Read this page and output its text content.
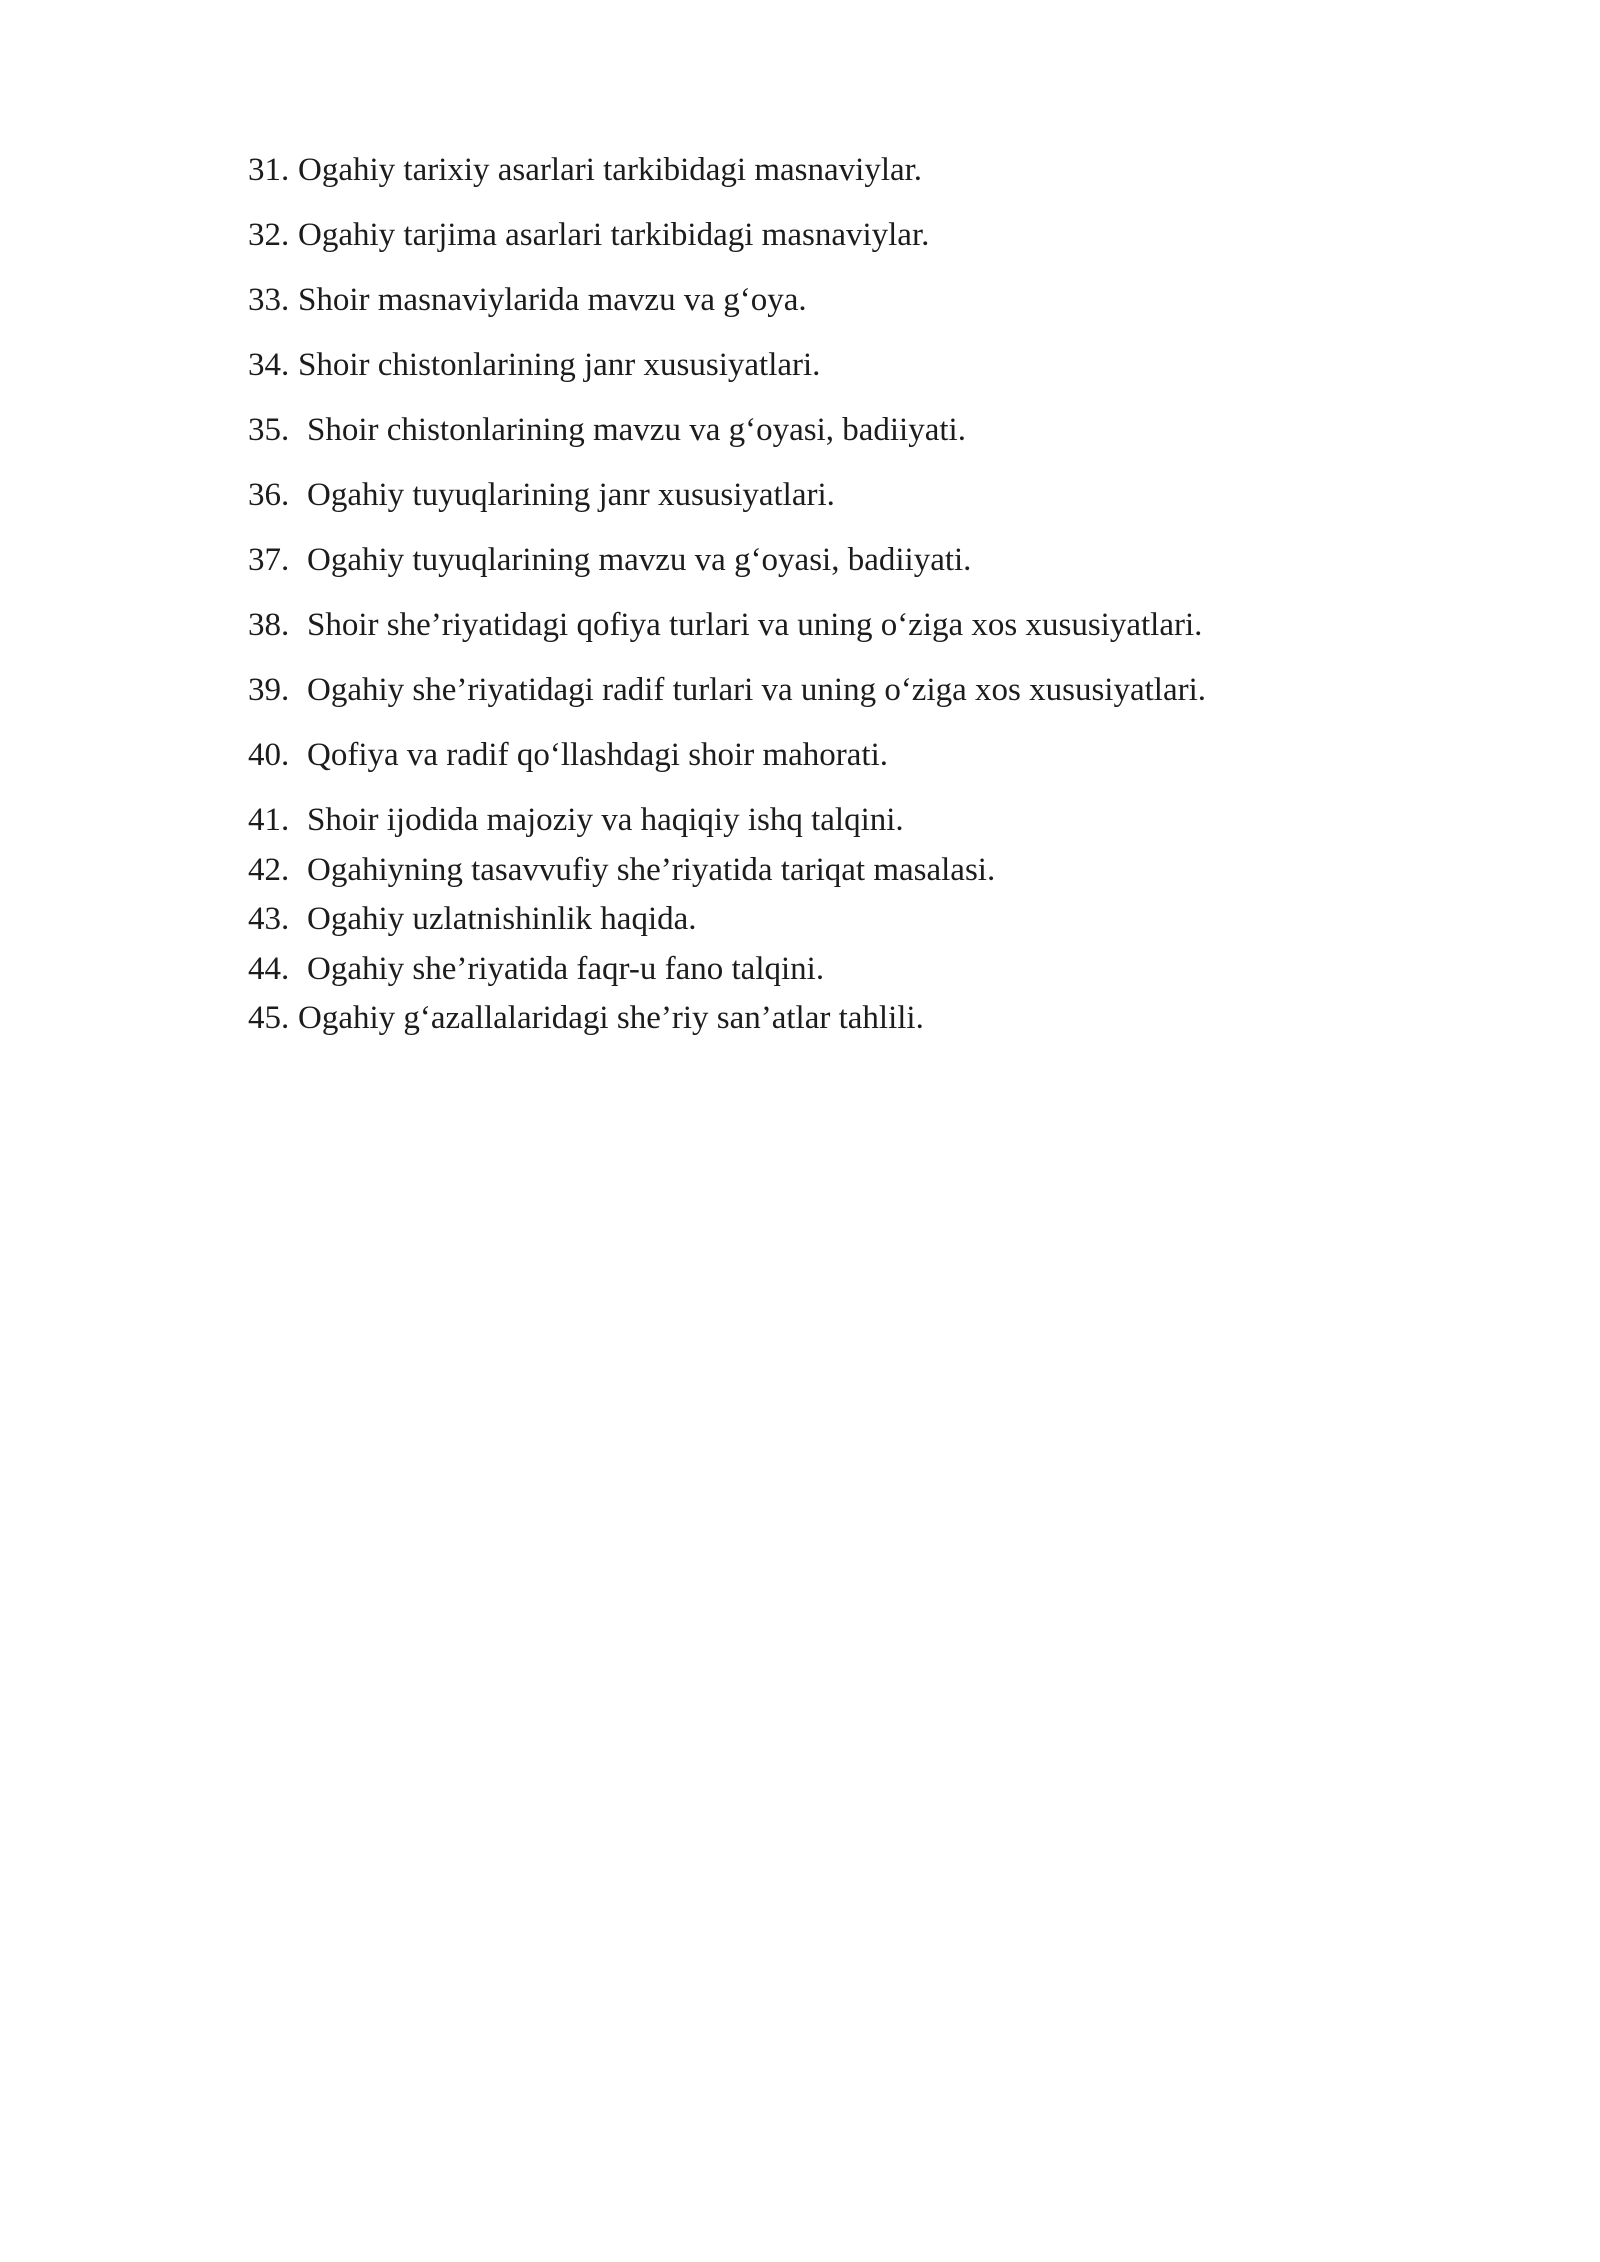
31. Ogahiy tarixiy asarlari tarkibidagi masnaviylar.
32. Ogahiy tarjima asarlari tarkibidagi masnaviylar.
33. Shoir masnaviylarida mavzu va g‘oya.
34. Shoir chistonlarining janr xususiyatlari.
35. Shoir chistonlarining mavzu va g‘oyasi, badiiyati.
36. Ogahiy tuyuqlarining janr xususiyatlari.
37. Ogahiy tuyuqlarining mavzu va g‘oyasi, badiiyati.
38. Shoir she’riyatidagi qofiya turlari va uning o‘ziga xos xususiyatlari.
39. Ogahiy she’riyatidagi radif turlari va uning o‘ziga xos xususiyatlari.
40. Qofiya va radif qo‘llashdagi shoir mahorati.
41. Shoir ijodida majoziy va haqiqiy ishq talqini.
42. Ogahiyning tasavvufiy she’riyatida tariqat masalasi.
43. Ogahiy uzlatnishinlik haqida.
44. Ogahiy she’riyatida faqr-u fano talqini.
45. Ogahiy g‘azallalaridagi she’riy san’atlar tahlili.
